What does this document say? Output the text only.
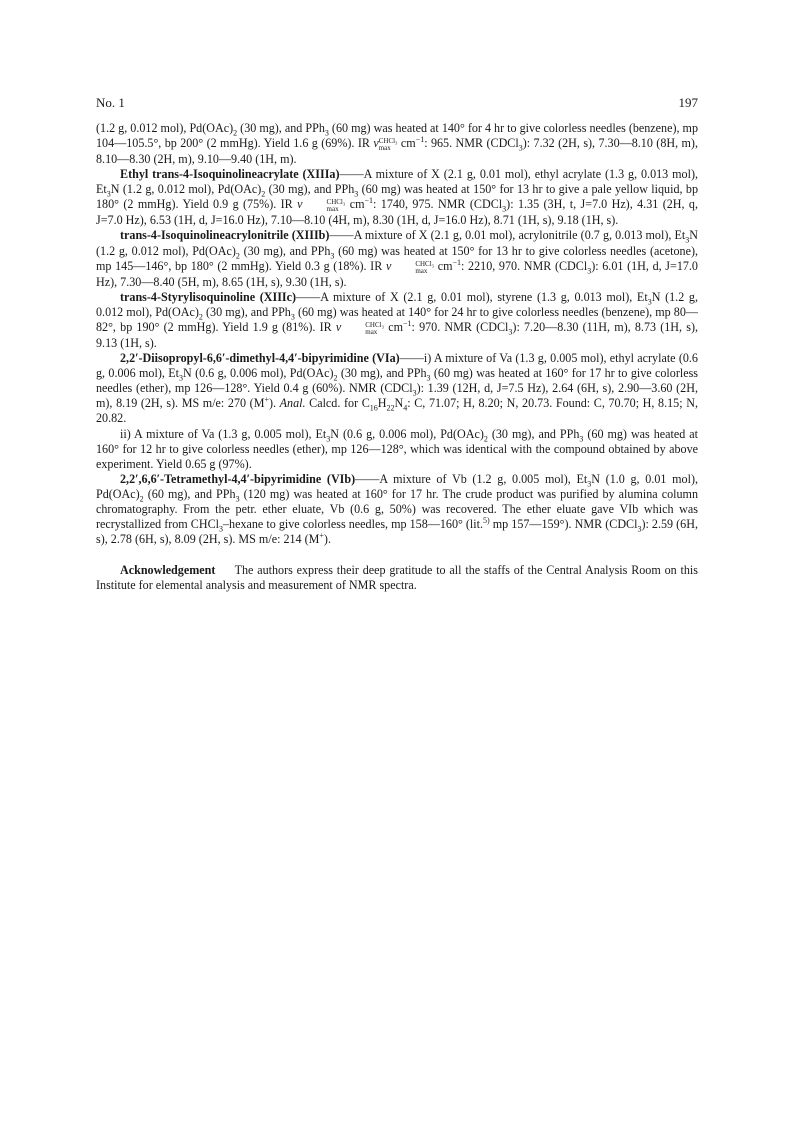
No. 1	197

(1.2 g, 0.012 mol), $Pd(OAc)_2$ (30 mg), and PPh$_3$ (60 mg) was heated at 140° for 4 hr to give colorless needles (benzene), mp 104—105.5°, bp 200° (2 mmHg). Yield 1.6 g (69%). IR ν CHCl₃
$\max cm^{-1}$: 965. NMR (CDCl$_3$): 7.32 (2H, s), 7.30—8.10 (8H, m), 8.10—8.30 (2H, m), 9.10—9.40 (1H, m).

Ethyl trans-4-Isoquinolineacrylate (XIIIa)——A mixture of X (2.1 g, 0.01 mol), ethyl acrylate (1.3 g, 0.013 mol), $Et_3N$ (1.2 g, 0.012 mol), $Pd(OAc)_2$ (30 mg), and PPh$_3$ (60 mg) was heated at 150° for 13 hr to give a pale yellow liquid, bp 180° (2 mmHg). Yield 0.9 g (75%). IR ν	CHCl₃
$\max cm^{-1}$: 1740, 975. NMR (CDCl$_3$): 1.35 (3H, t, J=7.0 Hz), 4.31 (2H, q, J=7.0 Hz), 6.53 (1H, d, J=16.0 Hz), 7.10—8.10 (4H, m), 8.30 (1H, d, J=16.0 Hz), 8.71 (1H, s), 9.18 (1H, s).

trans-4-Isoquinolineacrylonitrile (XIIIb)——A mixture of X (2.1 g, 0.01 mol), acrylonitrile (0.7 g, 0.013 mol), $Et_3N$ (1.2 g, 0.012 mol), $Pd(OAc)_2$ (30 mg), and PPh$_3$ (60 mg) was heated at 150° for 13 hr to give colorless needles (acetone), mp 145—146°, bp 180° (2 mmHg). Yield 0.3 g (18%). IR ν	CHCl₃
$\max cm^{-1}$: 2210, 970. NMR (CDCl$_3$): 6.01 (1H, d, J=17.0 Hz), 7.30—8.40 (5H, m), 8.65 (1H, s), 9.30 (1H, s).

trans-4-Styrylisoquinoline (XIIIc)——A mixture of X (2.1 g, 0.01 mol), styrene (1.3 g, 0.013 mol), $Et_3N$ (1.2 g, 0.012 mol), $Pd(OAc)_2$ (30 mg), and PPh$_3$ (60 mg) was heated at 140° for 24 hr to give colorless needles (benzene), mp 80—82°, bp 190° (2 mmHg). Yield 1.9 g (81%). IR ν	CHCl₃
$\max cm^{-1}$: 970. NMR (CDCl$_3$): 7.20—8.30 (11H, m), 8.73 (1H, s), 9.13 (1H, s).

2,2′-Diisopropyl-6,6′-dimethyl-4,4′-bipyrimidine (VIa)——i) A mixture of Va (1.3 g, 0.005 mol), ethyl acrylate (0.6 g, 0.006 mol), $Et_3N$ (0.6 g, 0.006 mol), $Pd(OAc)_2$ (30 mg), and PPh$_3$ (60 mg) was heated at 160° for 17 hr to give colorless needles (ether), mp 126—128°. Yield 0.4 g (60%). NMR (CDCl$_3$): 1.39 (12H, d, J=7.5 Hz), 2.64 (6H, s), 2.90—3.60 (2H, m), 8.19 (2H, s). MS m/e: 270 (M+). Anal. Calcd. for $C_{16}H_{22}N_4$: C, 71.07; H, 8.20; N, 20.73. Found: C, 70.70; H, 8.15; N, 20.82.

ii) A mixture of Va (1.3 g, 0.005 mol), $Et_3N$ (0.6 g, 0.006 mol), $Pd(OAc)_2$ (30 mg), and PPh$_3$ (60 mg) was heated at 160° for 12 hr to give colorless needles (ether), mp 126—128°, which was identical with the compound obtained by above experiment. Yield 0.65 g (97%).

2,2′,6,6′-Tetramethyl-4,4′-bipyrimidine (VIb)——A mixture of Vb (1.2 g, 0.005 mol), $Et_3N$ (1.0 g, 0.01 mol), $Pd(OAc)_2$ (60 mg), and PPh$_3$ (120 mg) was heated at 160° for 17 hr. The crude product was purified by alumina column chromatography. From the petr. ether eluate, Vb (0.6 g, 50%) was recovered. The ether eluate gave VIb which was recrystallized from CHCl$_3$–hexane to give colorless needles, mp 158—160° (lit.$^{5)}$ mp 157—159°). NMR (CDCl$_3$): 2.59 (6H, s), 2.78 (6H, s), 8.09 (2H, s). MS m/e: 214 (M+).

Acknowledgement The authors express their deep gratitude to all the staffs of the Central Analysis Room on this Institute for elemental analysis and measurement of NMR spectra.
